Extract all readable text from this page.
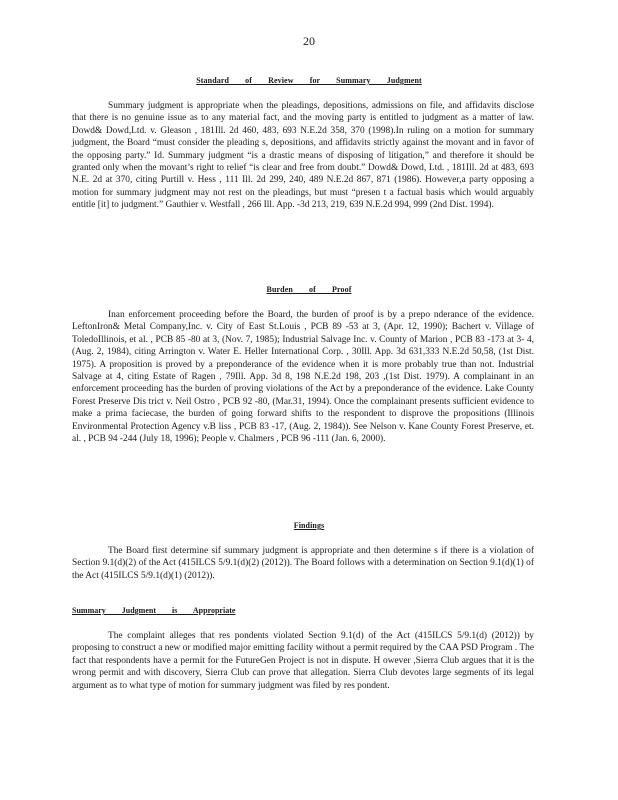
20
Standard of Review for Summary Judgment

Summary judgment is appropriate when the pleadings, depositions, admissions on file, and affidavits disclose that there is no genuine issue as to any material fact, and the moving party is entitled to judgment as a matter of law. Dowd& Dowd,Ltd. v. Gleason , 181Ill. 2d 460, 483, 693 N.E.2d 358, 370 (1998).In ruling on a motion for summary judgment, the Board “must consider the pleading s, depositions, and affidavits strictly against the movant and in favor of the opposing party.” Id. Summary judgment “is a drastic means of disposing of litigation,” and therefore it should be granted only when the movant’s right to relief “is clear and free from doubt.” Dowd& Dowd, Ltd. , 181Ill. 2d at 483, 693 N.E. 2d at 370, citing Purtill v. Hess , 111 Ill. 2d 299, 240, 489 N.E.2d 867, 871 (1986). However,a party opposing a motion for summary judgment may not rest on the pleadings, but must “presen t a factual basis which would arguably entitle [it] to judgment.” Gauthier v. Westfall , 266 Ill. App. -3d 213, 219, 639 N.E.2d 994, 999 (2nd Dist. 1994).

Burden of Proof

Inan enforcement proceeding before the Board, the burden of proof is by a prepo nderance of the evidence. LeftonIron& Metal Company,Inc. v. City of East St.Louis , PCB 89 -53 at 3, (Apr. 12, 1990); Bachert v. Village of ToledoIllinois, et al. , PCB 85 -80 at 3, (Nov. 7, 1985); Industrial Salvage Inc. v. County of Marion , PCB 83 -173 at 3- 4, (Aug. 2, 1984), citing Arrington v. Water E. Heller International Corp. , 30Ill. App. 3d 631,333 N.E.2d 50,58, (1st Dist. 1975). A proposition is proved by a preponderance of the evidence when it is more probably true than not. Industrial Salvage at 4, citing Estate of Ragen , 79Ill. App. 3d 8, 198 N.E.2d 198, 203 ,(1st Dist. 1979). A complainant in an enforcement proceeding has the burden of proving violations of the Act by a preponderance of the evidence. Lake County Forest Preserve Dis trict v. Neil Ostro , PCB 92 -80, (Mar.31, 1994). Once the complainant presents sufficient evidence to make a prima faciecase, the burden of going forward shifts to the respondent to disprove the propositions (Illinois Environmental Protection Agency v.B liss , PCB 83 -17, (Aug. 2, 1984)). See Nelson v. Kane County Forest Preserve, et. al. , PCB 94 -244 (July 18, 1996); People v. Chalmers , PCB 96 -111 (Jan. 6, 2000).

Findings

The Board first determine sif summary judgment is appropriate and then determine s if there is a violation of Section 9.1(d)(2) of the Act (415ILCS 5/9.1(d)(2) (2012)). The Board follows with a determination on Section 9.1(d)(1) of the Act (415ILCS 5/9.1(d)(1) (2012)).

Summary Judgment is Appropriate

The complaint alleges that res pondents violated Section 9.1(d) of the Act (415ILCS 5/9.1(d) (2012)) by proposing to construct a new or modified major emitting facility without a permit required by the CAA PSD Program . The fact that respondents have a permit for the FutureGen Project is not in dispute. H owever ,Sierra Club argues that it is the wrong permit and with discovery, Sierra Club can prove that allegation. Sierra Club devotes large segments of its legal argument as to what type of motion for summary judgment was filed by res pondent.
